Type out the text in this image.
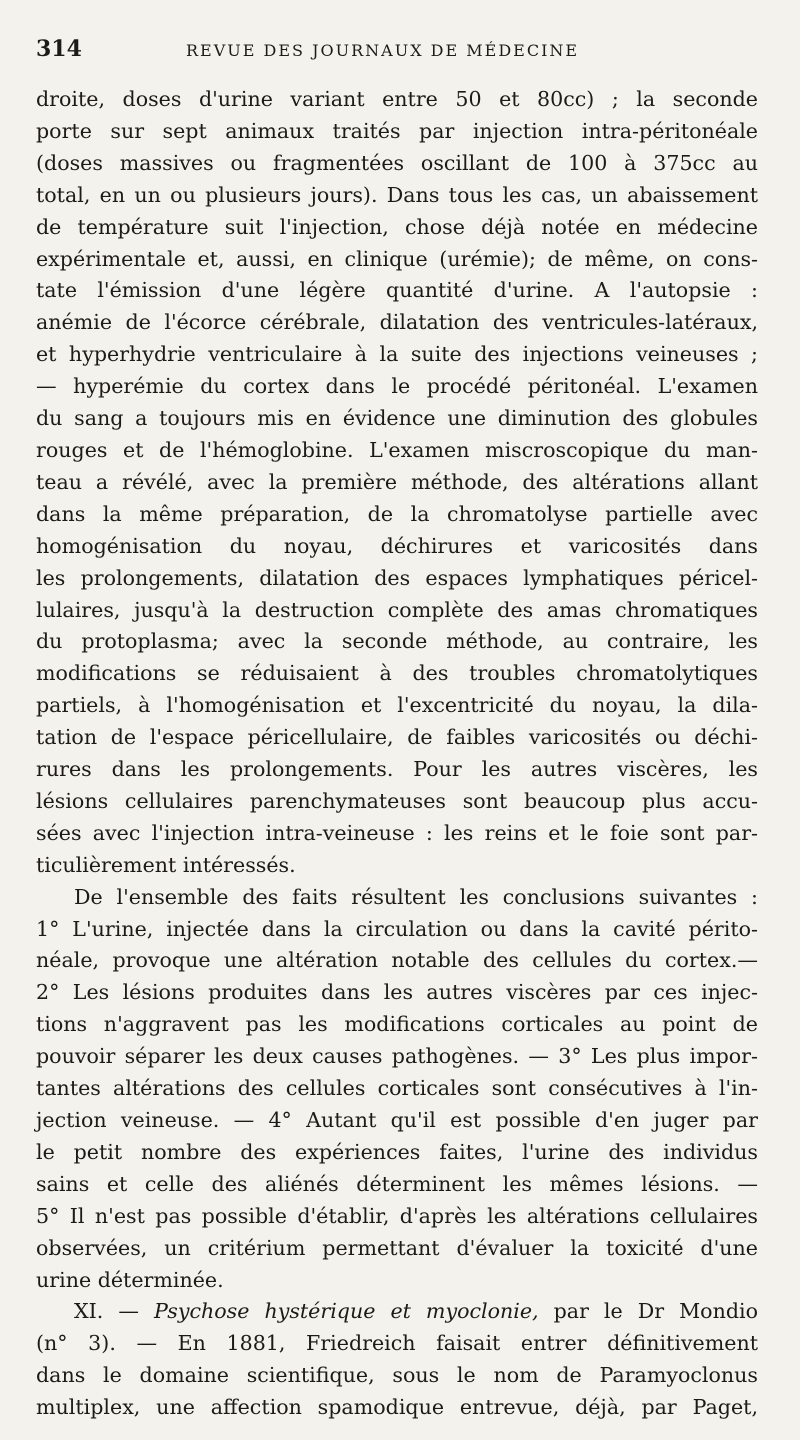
314	REVUE DES JOURNAUX DE MÉDECINE

droite, doses d'urine variant entre 50 et 80cc) ; la seconde
porte sur sept animaux traités par injection intra-péritonéale
(doses massives ou fragmentées oscillant de 100 à 375cc au
total, en un ou plusieurs jours). Dans tous les cas, un abaissement
de température suit l'injection, chose déjà notée en médecine
expérimentale et, aussi, en clinique (urémie); de même, on cons-
tate l'émission d'une légère quantité d'urine. A l'autopsie :
anémie de l'écorce cérébrale, dilatation des ventricules-latéraux,
et hyperhydrie ventriculaire à la suite des injections veineuses ;
— hyperémie du cortex dans le procédé péritonéal. L'examen
du sang a toujours mis en évidence une diminution des globules
rouges et de l'hémoglobine. L'examen miscroscopique du man-
teau a révélé, avec la première méthode, des altérations allant
dans la même préparation, de la chromatolyse partielle avec
homogénisation du noyau, déchirures et varicosités dans
les prolongements, dilatation des espaces lymphatiques péricel-
lulaires, jusqu'à la destruction complète des amas chromatiques
du protoplasma; avec la seconde méthode, au contraire, les
modifications se réduisaient à des troubles chromatolytiques
partiels, à l'homogénisation et l'excentricité du noyau, la dila-
tation de l'espace péricellulaire, de faibles varicosités ou déchi-
rures dans les prolongements. Pour les autres viscères, les
lésions cellulaires parenchymateuses sont beaucoup plus accu-
sées avec l'injection intra-veineuse : les reins et le foie sont par-
ticulièrement intéressés.

De l'ensemble des faits résultent les conclusions suivantes :
1° L'urine, injectée dans la circulation ou dans la cavité périto-
néale, provoque une altération notable des cellules du cortex.—
2° Les lésions produites dans les autres viscères par ces injec-
tions n'aggravent pas les modifications corticales au point de
pouvoir séparer les deux causes pathogènes. — 3° Les plus impor-
tantes altérations des cellules corticales sont consécutives à l'in-
jection veineuse. — 4° Autant qu'il est possible d'en juger par
le petit nombre des expériences faites, l'urine des individus
sains et celle des aliénés déterminent les mêmes lésions. —
5° Il n'est pas possible d'établir, d'après les altérations cellulaires
observées, un critérium permettant d'évaluer la toxicité d'une
urine déterminée.

XI. — Psychose hystérique et myoclonie, par le Dr Mondio
(n° 3). — En 1881, Friedreich faisait entrer définitivement
dans le domaine scientifique, sous le nom de Paramyoclonus
multiplex, une affection spamodique entrevue, déjà, par Paget,
